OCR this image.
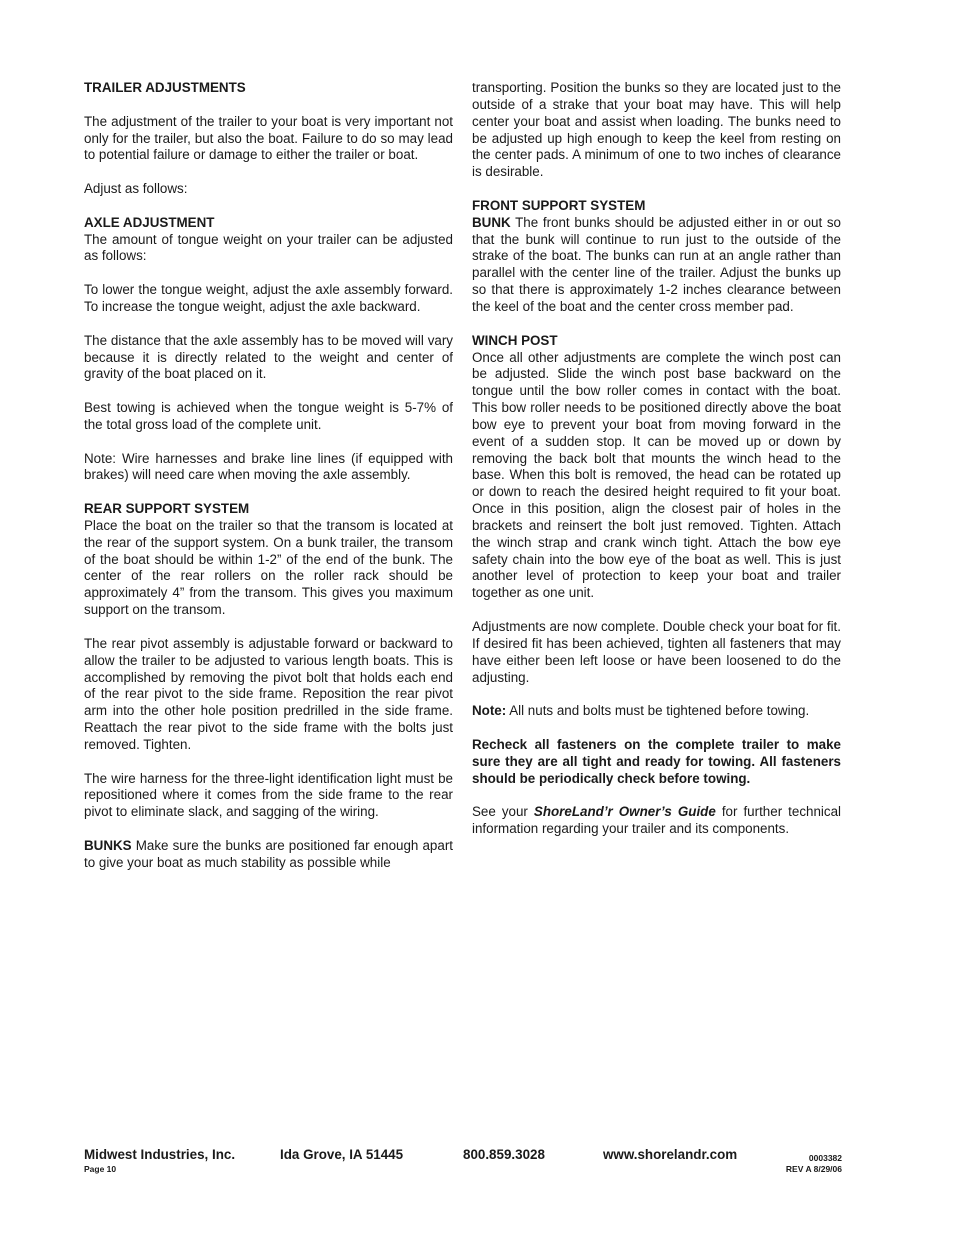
TRAILER ADJUSTMENTS

The adjustment of the trailer to your boat is very important not only for the trailer, but also the boat. Failure to do so may lead to potential failure or damage to either the trailer or boat.

Adjust as follows:

AXLE ADJUSTMENT

The amount of tongue weight on your trailer can be adjusted as follows:

To lower the tongue weight, adjust the axle assembly forward. To increase the tongue weight, adjust the axle backward.

The distance that the axle assembly has to be moved will vary because it is directly related to the weight and center of gravity of the boat placed on it.

Best towing is achieved when the tongue weight is 5-7% of the total gross load of the complete unit.

Note: Wire harnesses and brake line lines (if equipped with brakes) will need care when moving the axle assembly.

REAR SUPPORT SYSTEM

Place the boat on the trailer so that the transom is located at the rear of the support system. On a bunk trailer, the transom of the boat should be within 1-2” of the end of the bunk. The center of the rear rollers on the roller rack should be approximately 4” from the transom. This gives you maximum support on the transom.

The rear pivot assembly is adjustable forward or backward to allow the trailer to be adjusted to various length boats. This is accomplished by removing the pivot bolt that holds each end of the rear pivot to the side frame. Reposition the rear pivot arm into the other hole position predrilled in the side frame. Reattach the rear pivot to the side frame with the bolts just removed. Tighten.

The wire harness for the three-light identification light must be repositioned where it comes from the side frame to the rear pivot to eliminate slack, and sagging of the wiring.

BUNKS Make sure the bunks are positioned far enough apart to give your boat as much stability as possible while

transporting. Position the bunks so they are located just to the outside of a strake that your boat may have. This will help center your boat and assist when loading. The bunks need to be adjusted up high enough to keep the keel from resting on the center pads. A minimum of one to two inches of clearance is desirable.

FRONT SUPPORT SYSTEM

BUNK The front bunks should be adjusted either in or out so that the bunk will continue to run just to the outside of the strake of the boat. The bunks can run at an angle rather than parallel with the center line of the trailer. Adjust the bunks up so that there is approximately 1-2 inches clearance between the keel of the boat and the center cross member pad.

WINCH POST

Once all other adjustments are complete the winch post can be adjusted. Slide the winch post base backward on the tongue until the bow roller comes in contact with the boat. This bow roller needs to be positioned directly above the boat bow eye to prevent your boat from moving forward in the event of a sudden stop. It can be moved up or down by removing the back bolt that mounts the winch head to the base. When this bolt is removed, the head can be rotated up or down to reach the desired height required to fit your boat. Once in this position, align the closest pair of holes in the brackets and reinsert the bolt just removed. Tighten. Attach the winch strap and crank winch tight. Attach the bow eye safety chain into the bow eye of the boat as well. This is just another level of protection to keep your boat and trailer together as one unit.

Adjustments are now complete. Double check your boat for fit. If desired fit has been achieved, tighten all fasteners that may have either been left loose or have been loosened to do the adjusting.

Note: All nuts and bolts must be tightened before towing.

Recheck all fasteners on the complete trailer to make sure they are all tight and ready for towing. All fasteners should be periodically check before towing.

See your ShoreLand’r Owner’s Guide for further technical information regarding your trailer and its components.

Midwest Industries, Inc.	Ida Grove, IA 51445	800.859.3028	www.shorelandr.com
Page 10
0003382
REV A 8/29/06
